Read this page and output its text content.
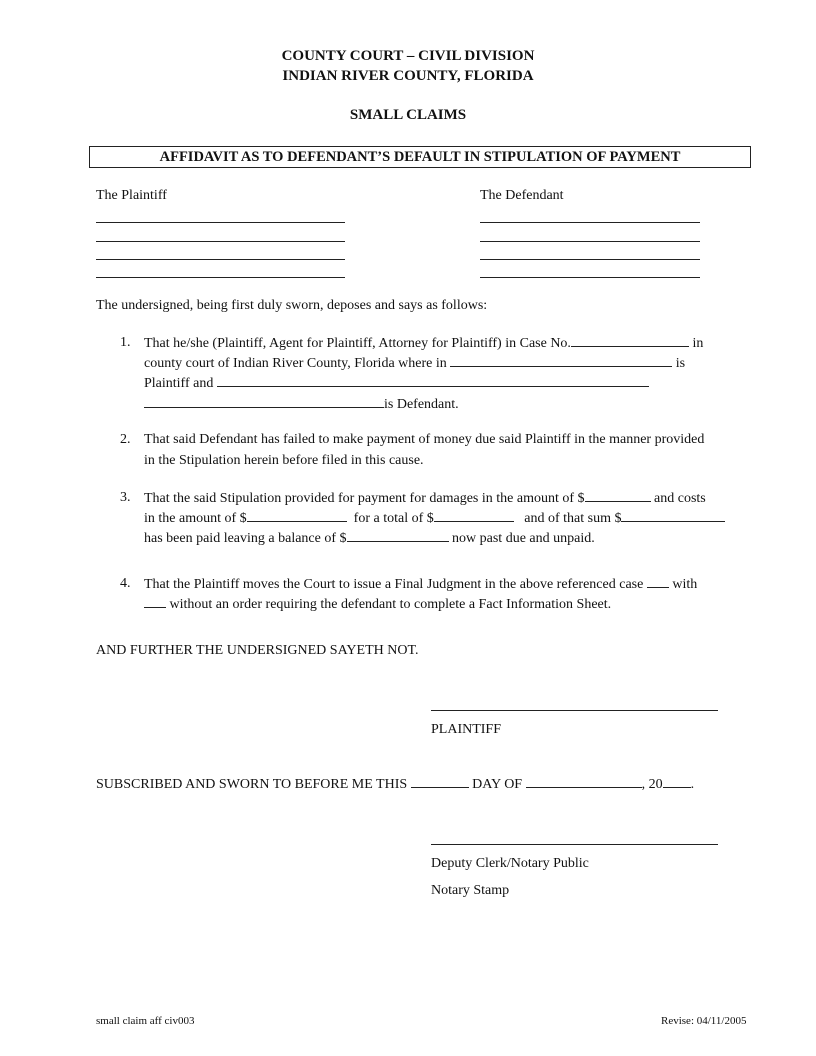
COUNTY COURT – CIVIL DIVISION
INDIAN RIVER COUNTY, FLORIDA
SMALL CLAIMS
AFFIDAVIT AS TO DEFENDANT’S DEFAULT IN STIPULATION OF PAYMENT
The Plaintiff	The Defendant
The undersigned, being first duly sworn, deposes and says as follows:
1. That he/she (Plaintiff, Agent for Plaintiff, Attorney for Plaintiff) in Case No.	in
county court of Indian River County, Florida where in	is
Plaintiff and
is Defendant.
2. That said Defendant has failed to make payment of money due said Plaintiff in the manner provided
in the Stipulation herein before filed in this cause.
3. That the said Stipulation provided for payment for damages in the amount of $	and costs
in the amount of $	for a total of $	and of that sum $
has been paid leaving a balance of $	now past due and unpaid.
4. That the Plaintiff moves the Court to issue a Final Judgment in the above referenced case with
without an order requiring the defendant to complete a Fact Information Sheet.
AND FURTHER THE UNDERSIGNED SAYETH NOT.
PLAINTIFF
SUBSCRIBED AND SWORN TO BEFORE ME THIS	DAY OF	, 20 .
Deputy Clerk/Notary Public
Notary Stamp
small claim aff civ003	Revise: 04/11/2005
